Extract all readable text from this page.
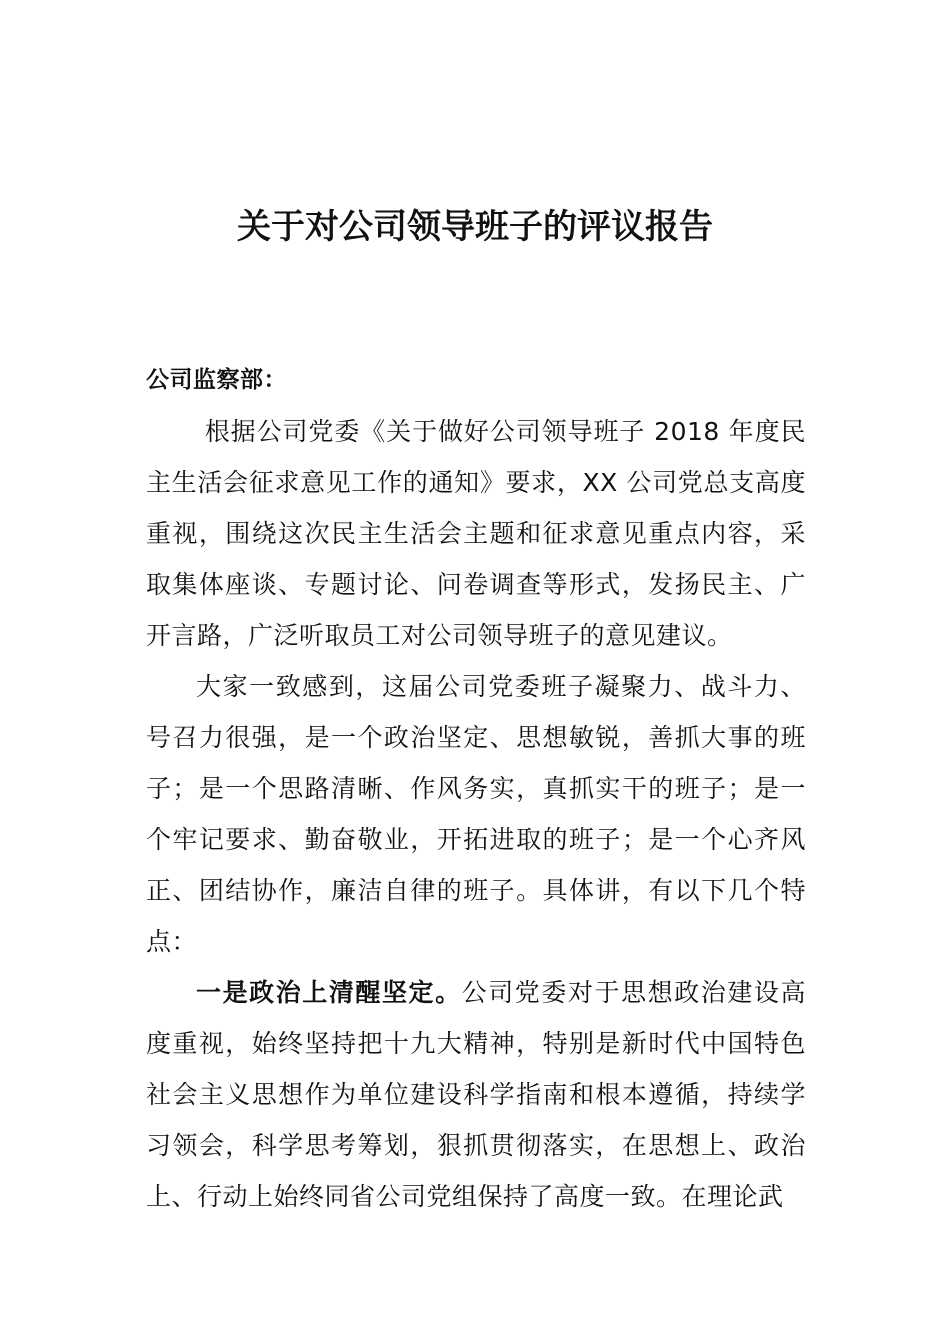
关于对公司领导班子的评议报告

公司监察部：

根据公司党委《关于做好公司领导班子 2018 年度民主生活会征求意见工作的通知》要求，XX 公司党总支高度重视，围绕这次民主生活会主题和征求意见重点内容，采取集体座谈、专题讨论、问卷调查等形式，发扬民主、广开言路，广泛听取员工对公司领导班子的意见建议。

大家一致感到，这届公司党委班子凝聚力、战斗力、号召力很强，是一个政治坚定、思想敏锐，善抓大事的班子；是一个思路清晰、作风务实，真抓实干的班子；是一个牢记要求、勤奋敬业，开拓进取的班子；是一个心齐风正、团结协作，廉洁自律的班子。具体讲，有以下几个特点：

一是政治上清醒坚定。公司党委对于思想政治建设高度重视，始终坚持把十九大精神，特别是新时代中国特色社会主义思想作为单位建设科学指南和根本遵循，持续学习领会，科学思考筹划，狠抓贯彻落实，在思想上、政治上、行动上始终同省公司党组保持了高度一致。在理论武
